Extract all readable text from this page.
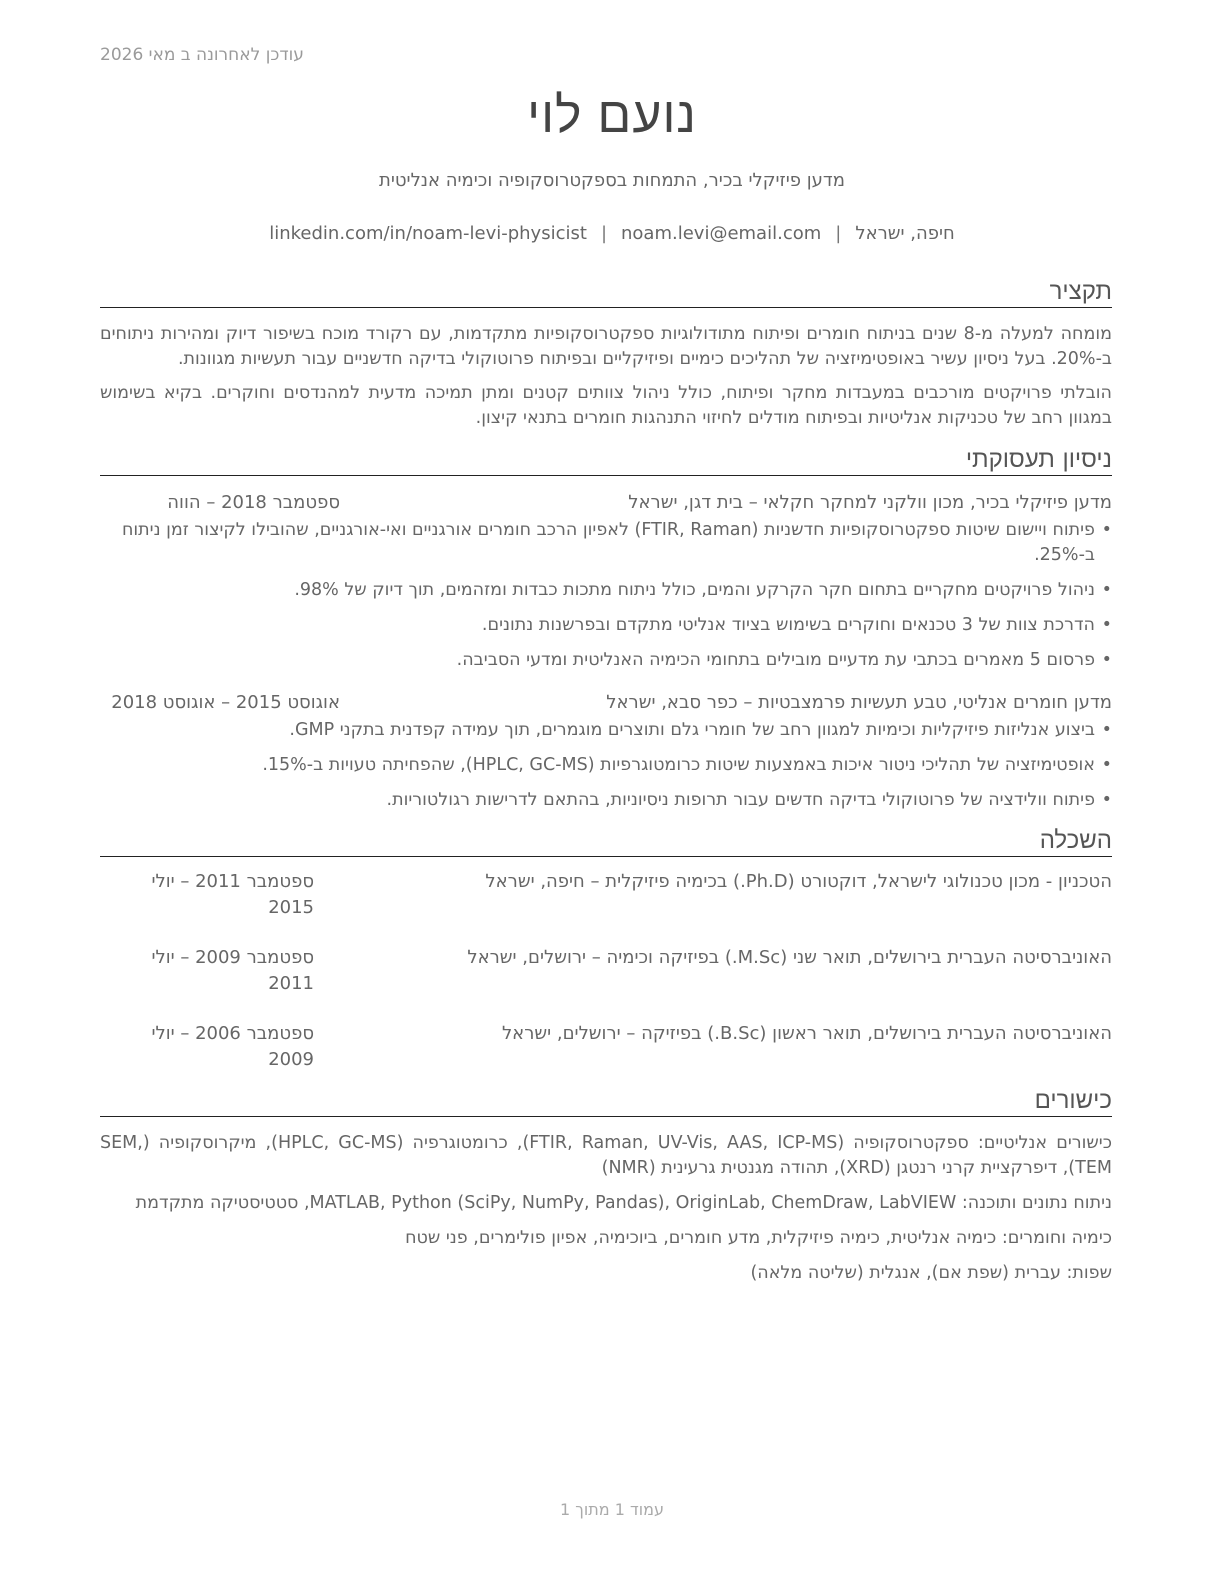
עודכן לאחרונה ב מאי 2026
נועם לוי
מדען פיזיקלי בכיר, התמחות בספקטרוסקופיה וכימיה אנליטית
חיפה, ישראל|noam.levi@email.com|linkedin.com/in/noam-levi-physicist
תקציר

מומחה למעלה מ-8 שנים בניתוח חומרים ופיתוח מתודולוגיות ספקטרוסקופיות מתקדמות, עם רקורד מוכח בשיפור דיוק ומהירות ניתוחים ב-20%. בעל ניסיון עשיר באופטימיזציה של תהליכים כימיים ופיזיקליים ובפיתוח פרוטוקולי בדיקה חדשניים עבור תעשיות מגוונות.

הובלתי פרויקטים מורכבים במעבדות מחקר ופיתוח, כולל ניהול צוותים קטנים ומתן תמיכה מדעית למהנדסים וחוקרים. בקיא בשימוש במגוון רחב של טכניקות אנליטיות ובפיתוח מודלים לחיזוי התנהגות חומרים בתנאי קיצון.

ניסיון תעסוקתי
מדען פיזיקלי בכיר, מכון וולקני למחקר חקלאי – בית דגן, ישראל
ספטמבר 2018 – הווה
• פיתוח ויישום שיטות ספקטרוסקופיות חדשניות (FTIR, Raman) לאפיון הרכב חומרים אורגניים ואי-אורגניים, שהובילו לקיצור זמן ניתוח ב-25%.
• ניהול פרויקטים מחקריים בתחום חקר הקרקע והמים, כולל ניתוח מתכות כבדות ומזהמים, תוך דיוק של 98%.
• הדרכת צוות של 3 טכנאים וחוקרים בשימוש בציוד אנליטי מתקדם ובפרשנות נתונים.
• פרסום 5 מאמרים בכתבי עת מדעיים מובילים בתחומי הכימיה האנליטית ומדעי הסביבה.
מדען חומרים אנליטי, טבע תעשיות פרמצבטיות – כפר סבא, ישראל
אוגוסט 2015 – אוגוסט 2018
• ביצוע אנליזות פיזיקליות וכימיות למגוון רחב של חומרי גלם ותוצרים מוגמרים, תוך עמידה קפדנית בתקני GMP.
• אופטימיזציה של תהליכי ניטור איכות באמצעות שיטות כרומטוגרפיות (HPLC, GC-MS), שהפחיתה טעויות ב-15%.
• פיתוח וולידציה של פרוטוקולי בדיקה חדשים עבור תרופות ניסיוניות, בהתאם לדרישות רגולטוריות.
השכלה
הטכניון - מכון טכנולוגי לישראל, דוקטורט (Ph.D.) בכימיה פיזיקלית – חיפה, ישראל
ספטמבר 2011 – יולי 2015
האוניברסיטה העברית בירושלים, תואר שני (M.Sc.) בפיזיקה וכימיה – ירושלים, ישראל
ספטמבר 2009 – יולי 2011
האוניברסיטה העברית בירושלים, תואר ראשון (B.Sc.) בפיזיקה – ירושלים, ישראל
ספטמבר 2006 – יולי 2009
כישורים

כישורים אנליטיים: ספקטרוסקופיה (FTIR, Raman, UV-Vis, AAS, ICP-MS), כרומטוגרפיה (HPLC, GC-MS), מיקרוסקופיה (SEM, TEM), דיפרקציית קרני רנטגן (XRD), תהודה מגנטית גרעינית (NMR)

ניתוח נתונים ותוכנה: MATLAB, Python (SciPy, NumPy, Pandas), OriginLab, ChemDraw, LabVIEW, סטטיסטיקה מתקדמת

כימיה וחומרים: כימיה אנליטית, כימיה פיזיקלית, מדע חומרים, ביוכימיה, אפיון פולימרים, פני שטח

שפות: עברית (שפת אם), אנגלית (שליטה מלאה)

עמוד 1 מתוך 1
